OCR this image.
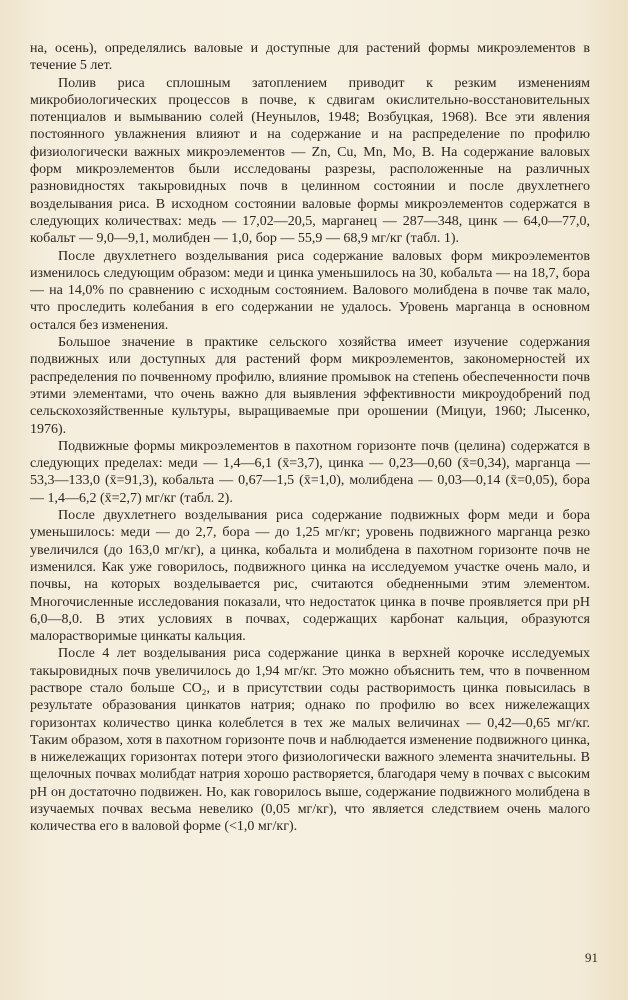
на, осень), определялись валовые и доступные для растений формы микроэлементов в течение 5 лет.

Полив риса сплошным затоплением приводит к резким изменениям микробиологических процессов в почве, к сдвигам окислительно-восстановительных потенциалов и вымыванию солей (Неунылов, 1948; Возбуцкая, 1968). Все эти явления постоянного увлажнения влияют и на содержание и на распределение по профилю физиологически важных микроэлементов — Zn, Cu, Mn, Mo, B. На содержание валовых форм микроэлементов были исследованы разрезы, расположенные на различных разновидностях такыровидных почв в целинном состоянии и после двухлетнего возделывания риса. В исходном состоянии валовые формы микроэлементов содержатся в следующих количествах: медь — 17,02—20,5, марганец — 287—348, цинк — 64,0—77,0, кобальт — 9,0—9,1, молибден — 1,0, бор — 55,9 — 68,9 мг/кг (табл. 1).

После двухлетнего возделывания риса содержание валовых форм микроэлементов изменилось следующим образом: меди и цинка уменьшилось на 30, кобальта — на 18,7, бора — на 14,0% по сравнению с исходным состоянием. Валового молибдена в почве так мало, что проследить колебания в его содержании не удалось. Уровень марганца в основном остался без изменения.

Большое значение в практике сельского хозяйства имеет изучение содержания подвижных или доступных для растений форм микроэлементов, закономерностей их распределения по почвенному профилю, влияние промывок на степень обеспеченности почв этими элементами, что очень важно для выявления эффективности микроудобрений под сельскохозяйственные культуры, выращиваемые при орошении (Мицуи, 1960; Лысенко, 1976).

Подвижные формы микроэлементов в пахотном горизонте почв (целина) содержатся в следующих пределах: меди — 1,4—6,1 (x̄=3,7), цинка — 0,23—0,60 (x̄=0,34), марганца — 53,3—133,0 (x̄=91,3), кобальта — 0,67—1,5 (x̄=1,0), молибдена — 0,03—0,14 (x̄=0,05), бора — 1,4—6,2 (x̄=2,7) мг/кг (табл. 2).

После двухлетнего возделывания риса содержание подвижных форм меди и бора уменьшилось: меди — до 2,7, бора — до 1,25 мг/кг; уровень подвижного марганца резко увеличился (до 163,0 мг/кг), а цинка, кобальта и молибдена в пахотном горизонте почв не изменился. Как уже говорилось, подвижного цинка на исследуемом участке очень мало, и почвы, на которых возделывается рис, считаются обедненными этим элементом. Многочисленные исследования показали, что недостаток цинка в почве проявляется при pH 6,0—8,0. В этих условиях в почвах, содержащих карбонат кальция, образуются малорастворимые цинкаты кальция.

После 4 лет возделывания риса содержание цинка в верхней корочке исследуемых такыровидных почв увеличилось до 1,94 мг/кг. Это можно объяснить тем, что в почвенном растворе стало больше CO₂, и в присутствии соды растворимость цинка повысилась в результате образования цинкатов натрия; однако по профилю во всех нижележащих горизонтах количество цинка колеблется в тех же малых величинах — 0,42—0,65 мг/кг. Таким образом, хотя в пахотном горизонте почв и наблюдается изменение подвижного цинка, в нижележащих горизонтах потери этого физиологически важного элемента значительны. В щелочных почвах молибдат натрия хорошо растворяется, благодаря чему в почвах с высоким pH он достаточно подвижен. Но, как говорилось выше, содержание подвижного молибдена в изучаемых почвах весьма невелико (0,05 мг/кг), что является следствием очень малого количества его в валовой форме (<1,0 мг/кг).

91
